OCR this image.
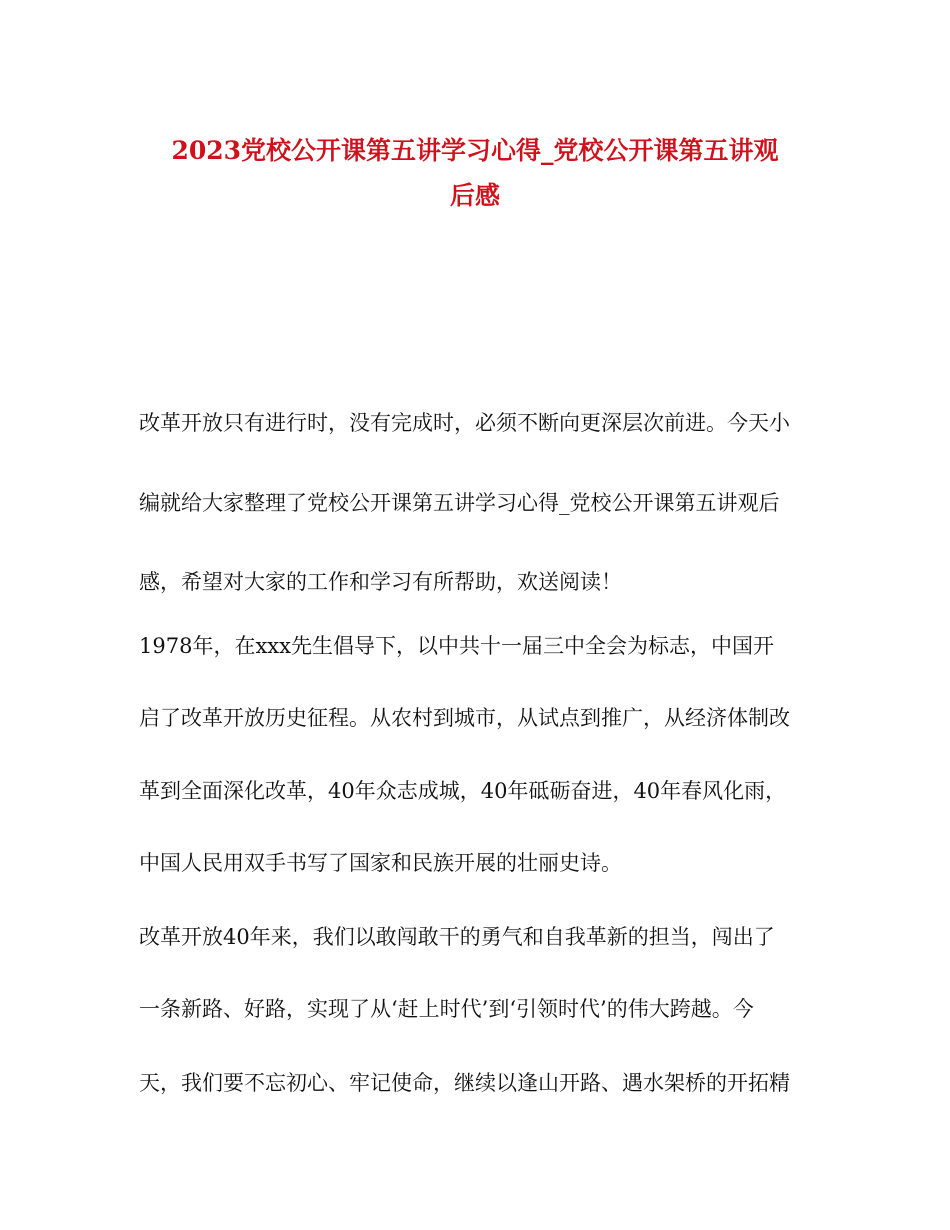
2023党校公开课第五讲学习心得_党校公开课第五讲观
后感
改革开放只有进行时，没有完成时，必须不断向更深层次前进。今天小
编就给大家整理了党校公开课第五讲学习心得_党校公开课第五讲观后
感，希望对大家的工作和学习有所帮助，欢送阅读！
1978年，在xxx先生倡导下，以中共十一届三中全会为标志，中国开
启了改革开放历史征程。从农村到城市，从试点到推广，从经济体制改
革到全面深化改革，40年众志成城，40年砥砺奋进，40年春风化雨，
中国人民用双手书写了国家和民族开展的壮丽史诗。
改革开放40年来，我们以敢闯敢干的勇气和自我革新的担当，闯出了
一条新路、好路，实现了从‘赶上时代’到‘引领时代’的伟大跨越。今
天，我们要不忘初心、牢记使命，继续以逢山开路、遇水架桥的开拓精
